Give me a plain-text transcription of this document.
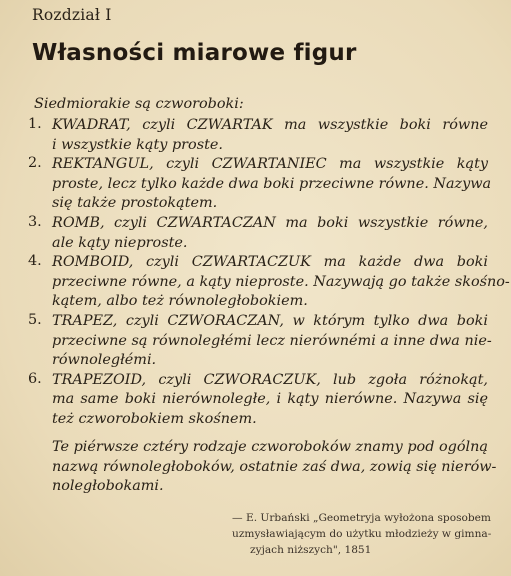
Rozdział I
Własności miarowe figur
Siedmiorakie są czworoboki:
1. KWADRAT, czyli CZWARTAK ma wszystkie boki równe
i wszystkie kąty proste.
2. REKTANGUL, czyli CZWARTANIEC ma wszystkie kąty
proste, lecz tylko każde dwa boki przeciwne równe. Nazywa
się także prostokątem.
3. ROMB, czyli CZWARTACZAN ma boki wszystkie równe,
ale kąty nieproste.
4. ROMBOID, czyli CZWARTACZUK ma każde dwa boki
przeciwne równe, a kąty nieproste. Nazywają go także skośno-
kątem, albo też równoległobokiem.
5. TRAPEZ, czyli CZWORACZAN, w którym tylko dwa boki
przeciwne są równoległémi lecz nierównémi a inne dwa nie-
równoległémi.
6. TRAPEZOID, czyli CZWORACZUK, lub zgoła różnokąt,
ma same boki nierównoległe, i kąty nierówne. Nazywa się
też czworobokiem skośnem.
Te piérwsze cztéry rodzaje czworoboków znamy pod ogólną
nazwą równoległoboków, ostatnie zaś dwa, zowią się nierów-
noległobokami.
— E. Urbański „Geometryja wyłożona sposobem
uzmysławiającym do użytku młodzieży w gimna-
zyjach niższych", 1851
